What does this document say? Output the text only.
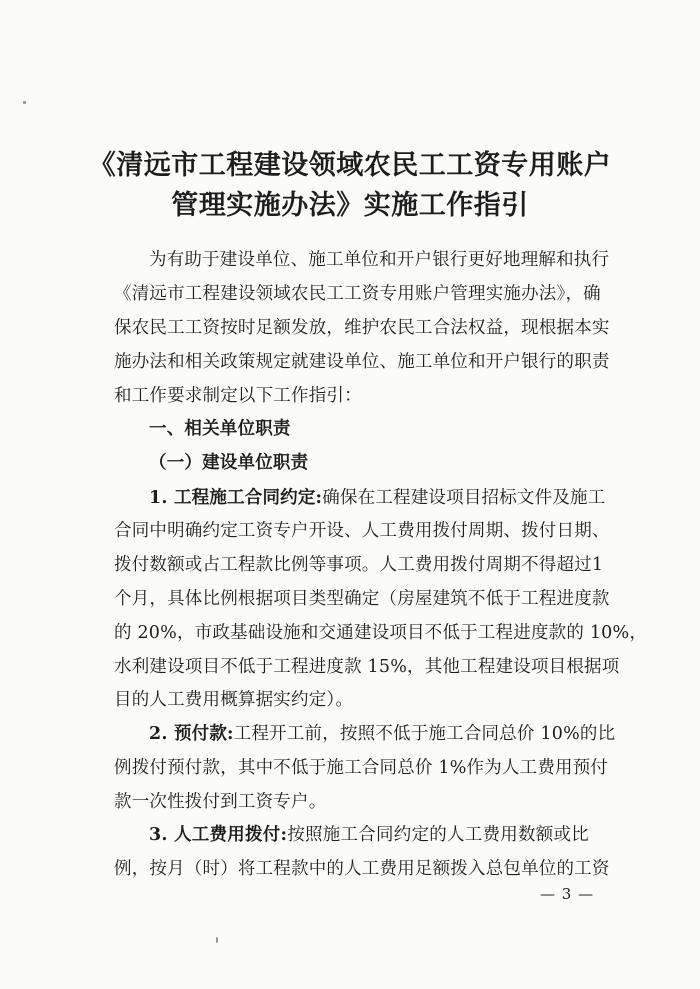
《清远市工程建设领域农民工工资专用账户
管理实施办法》实施工作指引
为有助于建设单位、施工单位和开户银行更好地理解和执行
《清远市工程建设领域农民工工资专用账户管理实施办法》，确
保农民工工资按时足额发放，维护农民工合法权益，现根据本实
施办法和相关政策规定就建设单位、施工单位和开户银行的职责
和工作要求制定以下工作指引：
一、相关单位职责
（一）建设单位职责
1. 工程施工合同约定:确保在工程建设项目招标文件及施工
合同中明确约定工资专户开设、人工费用拨付周期、拨付日期、
拨付数额或占工程款比例等事项。人工费用拨付周期不得超过1
个月，具体比例根据项目类型确定（房屋建筑不低于工程进度款
的 20%，市政基础设施和交通建设项目不低于工程进度款的 10%，
水利建设项目不低于工程进度款 15%，其他工程建设项目根据项
目的人工费用概算据实约定）。
2. 预付款:工程开工前，按照不低于施工合同总价 10%的比
例拨付预付款，其中不低于施工合同总价 1%作为人工费用预付
款一次性拨付到工资专户。
3. 人工费用拨付:按照施工合同约定的人工费用数额或比
例，按月（时）将工程款中的人工费用足额拨入总包单位的工资
— 3 —
